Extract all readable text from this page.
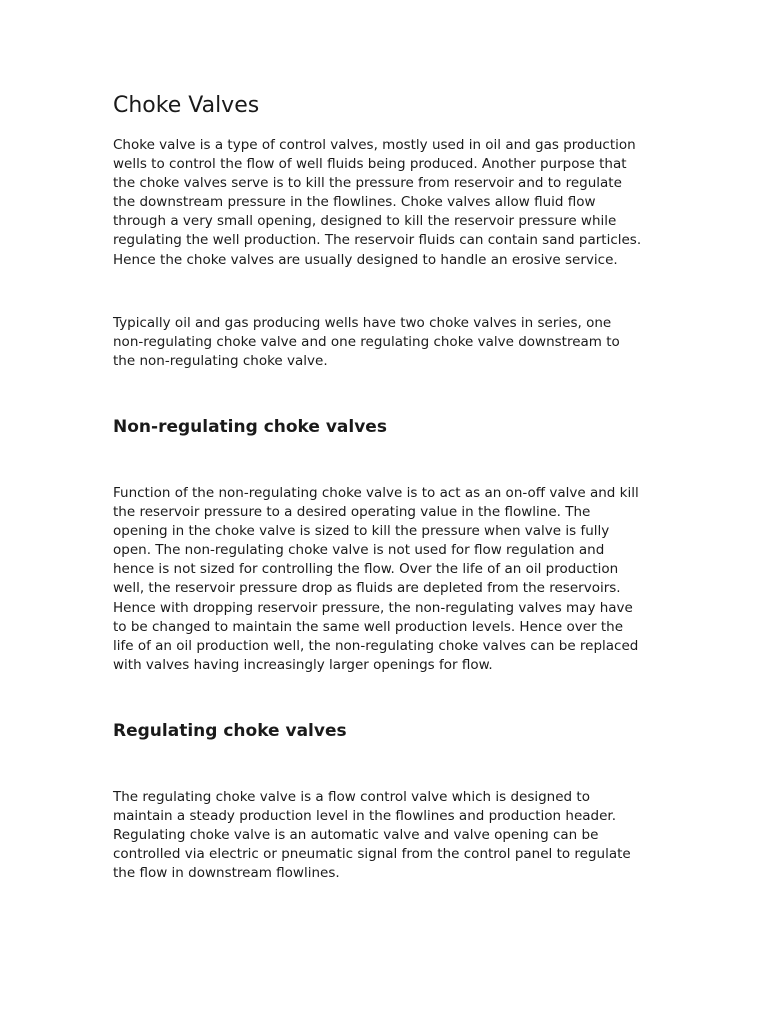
Choke Valves
Choke valve is a type of control valves, mostly used in oil and gas production
wells to control the flow of well fluids being produced. Another purpose that
the choke valves serve is to kill the pressure from reservoir and to regulate
the downstream pressure in the flowlines. Choke valves allow fluid flow
through a very small opening, designed to kill the reservoir pressure while
regulating the well production. The reservoir fluids can contain sand particles.
Hence the choke valves are usually designed to handle an erosive service.
Typically oil and gas producing wells have two choke valves in series, one
non-regulating choke valve and one regulating choke valve downstream to
the non-regulating choke valve.
Non-regulating choke valves
Function of the non-regulating choke valve is to act as an on-off valve and kill
the reservoir pressure to a desired operating value in the flowline. The
opening in the choke valve is sized to kill the pressure when valve is fully
open. The non-regulating choke valve is not used for flow regulation and
hence is not sized for controlling the flow. Over the life of an oil production
well, the reservoir pressure drop as fluids are depleted from the reservoirs.
Hence with dropping reservoir pressure, the non-regulating valves may have
to be changed to maintain the same well production levels. Hence over the
life of an oil production well, the non-regulating choke valves can be replaced
with valves having increasingly larger openings for flow.
Regulating choke valves
The regulating choke valve is a flow control valve which is designed to
maintain a steady production level in the flowlines and production header.
Regulating choke valve is an automatic valve and valve opening can be
controlled via electric or pneumatic signal from the control panel to regulate
the flow in downstream flowlines.
